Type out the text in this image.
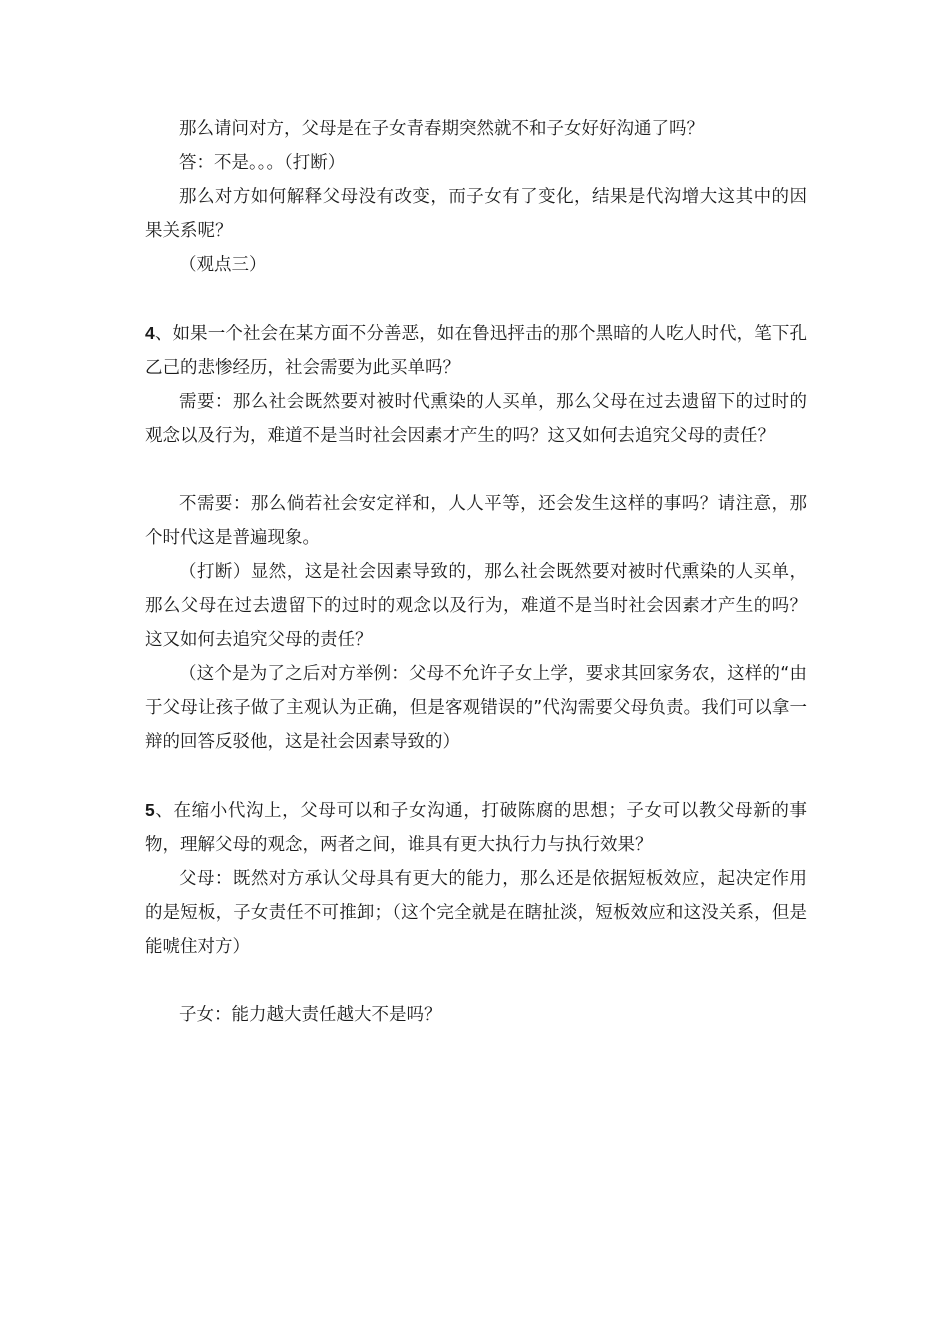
那么请问对方，父母是在子女青春期突然就不和子女好好沟通了吗？

答：不是。。。（打断）

那么对方如何解释父母没有改变，而子女有了变化，结果是代沟增大这其中的因果关系呢？

（观点三）

4、如果一个社会在某方面不分善恶，如在鲁迅抨击的那个黑暗的人吃人时代，笔下孔乙己的悲惨经历，社会需要为此买单吗？

需要：那么社会既然要对被时代熏染的人买单，那么父母在过去遗留下的过时的观念以及行为，难道不是当时社会因素才产生的吗？这又如何去追究父母的责任？

不需要：那么倘若社会安定祥和，人人平等，还会发生这样的事吗？请注意，那个时代这是普遍现象。

（打断）显然，这是社会因素导致的，那么社会既然要对被时代熏染的人买单，那么父母在过去遗留下的过时的观念以及行为，难道不是当时社会因素才产生的吗？这又如何去追究父母的责任？

（这个是为了之后对方举例：父母不允许子女上学，要求其回家务农，这样的“由于父母让孩子做了主观认为正确，但是客观错误的”代沟需要父母负责。我们可以拿一辩的回答反驳他，这是社会因素导致的）

5、在缩小代沟上，父母可以和子女沟通，打破陈腐的思想；子女可以教父母新的事物，理解父母的观念，两者之间，谁具有更大执行力与执行效果？

父母：既然对方承认父母具有更大的能力，那么还是依据短板效应，起决定作用的是短板，子女责任不可推卸；（这个完全就是在瞎扯淡，短板效应和这没关系，但是能唬住对方）

子女：能力越大责任越大不是吗？
